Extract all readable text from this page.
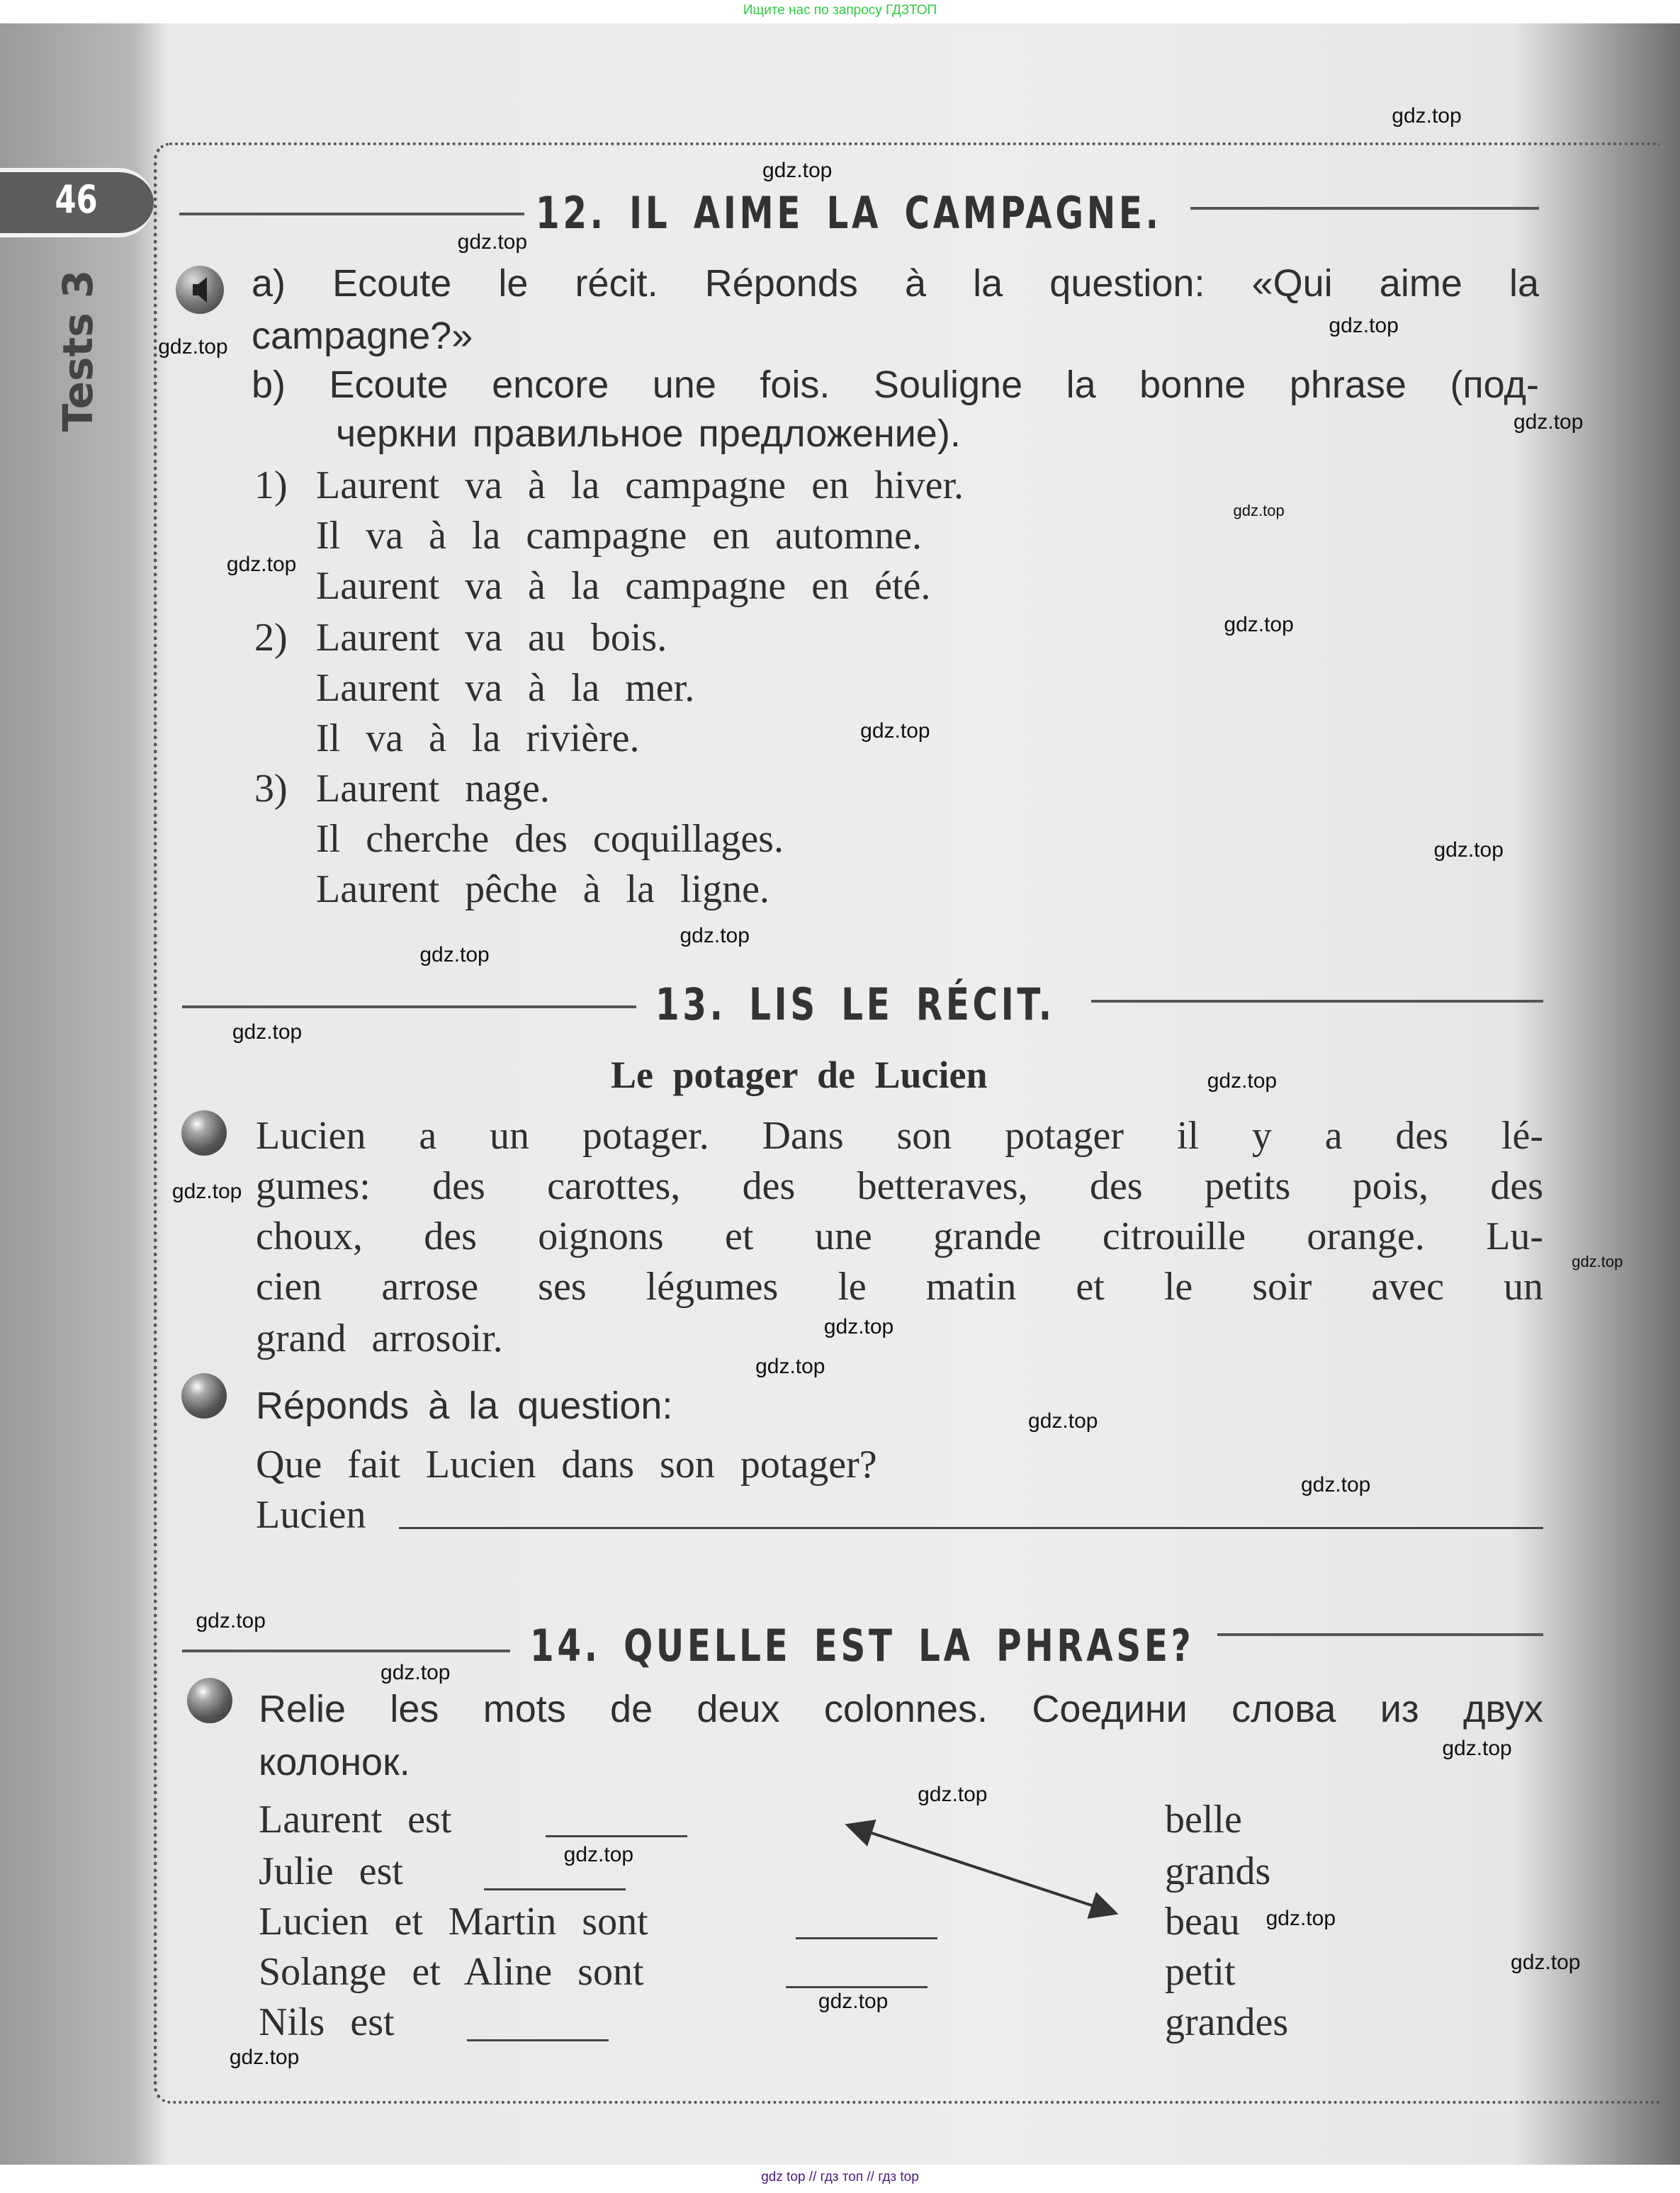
Ищите нас по запросу ГДЗТОП
gdz top // гдз топ // гдз top
46
Tests 3
12. IL AIME LA CAMPAGNE.
a) Ecoute le récit. Réponds à la question: «Qui aime la
campagne?»
b) Ecoute encore une fois. Souligne la bonne phrase (под-
черкни правильное предложение).
1) Laurent va à la campagne en hiver.
Il va à la campagne en automne.
Laurent va à la campagne en été.
2) Laurent va au bois.
Laurent va à la mer.
Il va à la rivière.
3) Laurent nage.
Il cherche des coquillages.
Laurent pêche à la ligne.
13. LIS LE RÉCIT.
Le potager de Lucien
Lucien a un potager. Dans son potager il y a des lé-
gumes: des carottes, des betteraves, des petits pois, des
choux, des oignons et une grande citrouille orange. Lu-
cien arrose ses légumes le matin et le soir avec un
grand arrosoir.
Réponds à la question:
Que fait Lucien dans son potager?
Lucien
14. QUELLE EST LA PHRASE?
Relie les mots de deux colonnes. Соедини слова из двух
колонок.
Laurent est	belle
Julie est	grands
Lucien et Martin sont	beau
Solange et Aline sont	petit
Nils est	grandes
gdz.top
gdz.top
gdz.top
gdz.top
gdz.top
gdz.top
gdz.top
gdz.top
gdz.top
gdz.top
gdz.top
gdz.top
gdz.top
gdz.top
gdz.top
gdz.top
gdz.top
gdz.top
gdz.top
gdz.top
gdz.top
gdz.top
gdz.top
gdz.top
gdz.top
gdz.top
gdz.top
gdz.top
gdz.top
gdz.top
